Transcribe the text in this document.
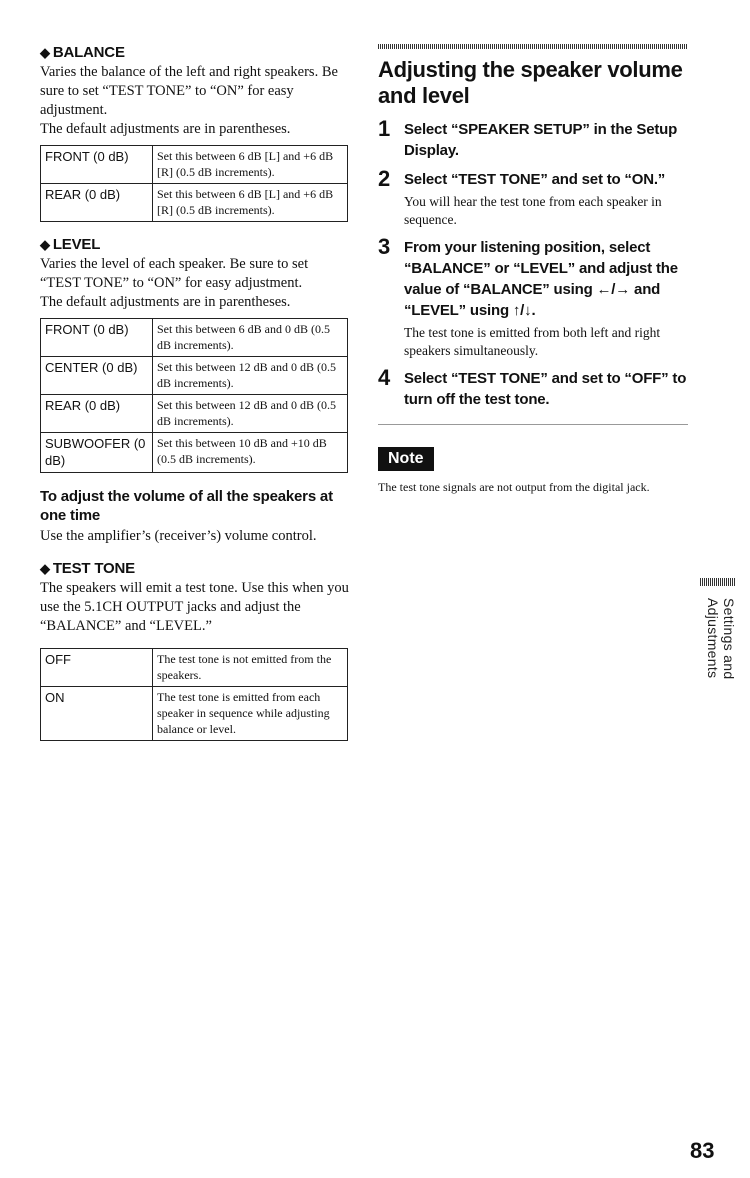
◆ BALANCE

Varies the balance of the left and right speakers. Be sure to set “TEST TONE” to “ON” for easy adjustment.

The default adjustments are in parentheses.

FRONT (0 dB)	Set this between 6 dB [L] and +6 dB [R] (0.5 dB increments).
REAR (0 dB)	Set this between 6 dB [L] and +6 dB [R] (0.5 dB increments).
◆ LEVEL

Varies the level of each speaker. Be sure to set “TEST TONE” to “ON” for easy adjustment.

The default adjustments are in parentheses.

FRONT (0 dB)	Set this between 6 dB and 0 dB (0.5 dB increments).
CENTER (0 dB)	Set this between 12 dB and 0 dB (0.5 dB increments).
REAR (0 dB)	Set this between 12 dB and 0 dB (0.5 dB increments).
SUBWOOFER (0 dB)	Set this between 10 dB and +10 dB (0.5 dB increments).
To adjust the volume of all the speakers at one time

Use the amplifier’s (receiver’s) volume control.

◆ TEST TONE

The speakers will emit a test tone. Use this when you use the 5.1CH OUTPUT jacks and adjust the “BALANCE” and “LEVEL.”

OFF	The test tone is not emitted from the speakers.
ON	The test tone is emitted from each speaker in sequence while adjusting balance or level.
Adjusting the speaker volume and level
1 Select “SPEAKER SETUP” in the Setup Display.
2 Select “TEST TONE” and set to “ON.”
You will hear the test tone from each speaker in sequence.
3 From your listening position, select “BALANCE” or “LEVEL” and adjust the value of “BALANCE” using ←/→ and “LEVEL” using ↑/↓.
The test tone is emitted from both left and right speakers simultaneously.
4 Select “TEST TONE” and set to “OFF” to turn off the test tone.
Note
The test tone signals are not output from the digital jack.
Settings and Adjustments
83
